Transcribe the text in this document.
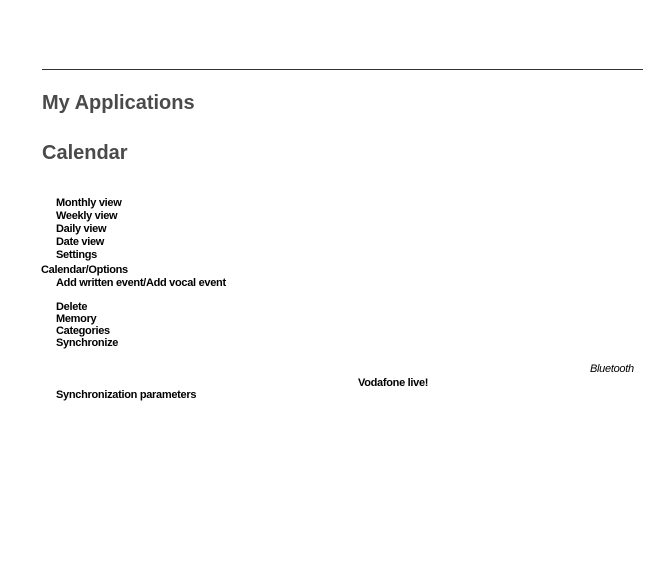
My Applications
Calendar
Monthly view
Weekly view
Daily view
Date view
Settings
Calendar/Options
Add written event/Add vocal event
Delete
Memory
Categories
Synchronize
Bluetooth
Vodafone live!
Synchronization parameters
